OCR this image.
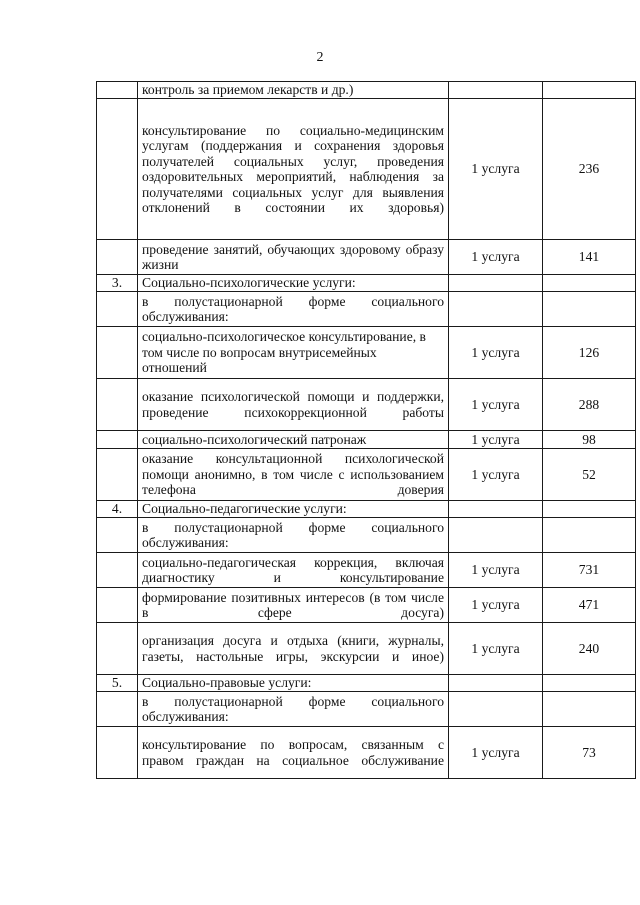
2
	контроль за приемом лекарств и др.)		
	консультирование по социально-медицинским услугам (поддержания и сохранения здоровья получателей социальных услуг, проведения оздоровительных мероприятий, наблюдения за получателями социальных услуг для выявления отклонений в состоянии их здоровья)	1 услуга	236
	проведение занятий, обучающих здоровому образу жизни	1 услуга	141
3.	Социально-психологические услуги:		
	в полустационарной форме социального обслуживания:		
	социально-психологическое консультирование, в том числе по вопросам внутрисемейных отношений	1 услуга	126
	оказание психологической помощи и поддержки, проведение психокоррекционной работы	1 услуга	288
	социально-психологический патронаж	1 услуга	98
	оказание консультационной психологической помощи анонимно, в том числе с использованием телефона доверия	1 услуга	52
4.	Социально-педагогические услуги:		
	в полустационарной форме социального обслуживания:		
	социально-педагогическая коррекция, включая диагностику и консультирование	1 услуга	731
	формирование позитивных интересов (в том числе в сфере досуга)	1 услуга	471
	организация досуга и отдыха (книги, журналы, газеты, настольные игры, экскурсии и иное)	1 услуга	240
5.	Социально-правовые услуги:		
	в полустационарной форме социального обслуживания:		
	консультирование по вопросам, связанным с правом граждан на социальное обслуживание	1 услуга	73
